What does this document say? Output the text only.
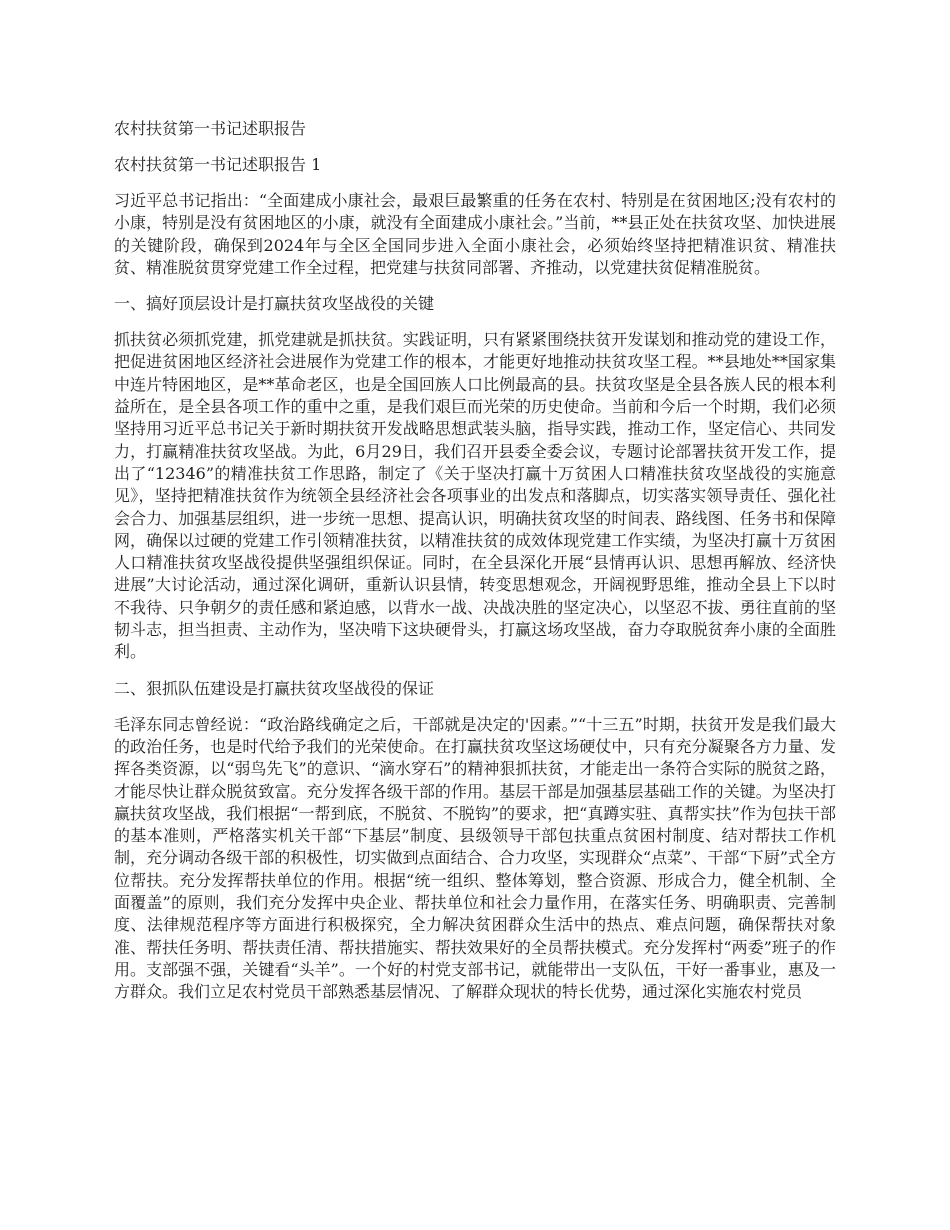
农村扶贫第一书记述职报告
农村扶贫第一书记述职报告 1

习近平总书记指出：“全面建成小康社会，最艰巨最繁重的任务在农村、特别是在贫困地区;没有农村的小康，特别是没有贫困地区的小康，就没有全面建成小康社会。”当前，**县正处在扶贫攻坚、加快进展的关键阶段，确保到2024年与全区全国同步进入全面小康社会，必须始终坚持把精准识贫、精准扶贫、精准脱贫贯穿党建工作全过程，把党建与扶贫同部署、齐推动，以党建扶贫促精准脱贫。

一、搞好顶层设计是打赢扶贫攻坚战役的关键

抓扶贫必须抓党建，抓党建就是抓扶贫。实践证明，只有紧紧围绕扶贫开发谋划和推动党的建设工作，把促进贫困地区经济社会进展作为党建工作的根本，才能更好地推动扶贫攻坚工程。**县地处**国家集中连片特困地区，是**革命老区，也是全国回族人口比例最高的县。扶贫攻坚是全县各族人民的根本利益所在，是全县各项工作的重中之重，是我们艰巨而光荣的历史使命。当前和今后一个时期，我们必须坚持用习近平总书记关于新时期扶贫开发战略思想武装头脑，指导实践，推动工作，坚定信心、共同发力，打赢精准扶贫攻坚战。为此，6月29日，我们召开县委全委会议，专题讨论部署扶贫开发工作，提出了“12346”的精准扶贫工作思路，制定了《关于坚决打赢十万贫困人口精准扶贫攻坚战役的实施意见》，坚持把精准扶贫作为统领全县经济社会各项事业的出发点和落脚点，切实落实领导责任、强化社会合力、加强基层组织，进一步统一思想、提高认识，明确扶贫攻坚的时间表、路线图、任务书和保障网，确保以过硬的党建工作引领精准扶贫，以精准扶贫的成效体现党建工作实绩，为坚决打赢十万贫困人口精准扶贫攻坚战役提供坚强组织保证。同时，在全县深化开展“县情再认识、思想再解放、经济快进展”大讨论活动，通过深化调研，重新认识县情，转变思想观念，开阔视野思维，推动全县上下以时不我待、只争朝夕的责任感和紧迫感，以背水一战、决战决胜的坚定决心，以坚忍不拔、勇往直前的坚韧斗志，担当担责、主动作为，坚决啃下这块硬骨头，打赢这场攻坚战，奋力夺取脱贫奔小康的全面胜利。

二、狠抓队伍建设是打赢扶贫攻坚战役的保证

毛泽东同志曾经说：“政治路线确定之后，干部就是决定的'因素。”“十三五”时期，扶贫开发是我们最大的政治任务，也是时代给予我们的光荣使命。在打赢扶贫攻坚这场硬仗中，只有充分凝聚各方力量、发挥各类资源，以“弱鸟先飞”的意识、“滴水穿石”的精神狠抓扶贫，才能走出一条符合实际的脱贫之路，才能尽快让群众脱贫致富。充分发挥各级干部的作用。基层干部是加强基层基础工作的关键。为坚决打赢扶贫攻坚战，我们根据“一帮到底，不脱贫、不脱钩”的要求，把“真蹲实驻、真帮实扶”作为包扶干部的基本准则，严格落实机关干部“下基层”制度、县级领导干部包扶重点贫困村制度、结对帮扶工作机制，充分调动各级干部的积极性，切实做到点面结合、合力攻坚，实现群众“点菜”、干部“下厨”式全方位帮扶。充分发挥帮扶单位的作用。根据“统一组织、整体筹划，整合资源、形成合力，健全机制、全面覆盖”的原则，我们充分发挥中央企业、帮扶单位和社会力量作用，在落实任务、明确职责、完善制度、法律规范程序等方面进行积极探究，全力解决贫困群众生活中的热点、难点问题，确保帮扶对象准、帮扶任务明、帮扶责任清、帮扶措施实、帮扶效果好的全员帮扶模式。充分发挥村“两委”班子的作用。支部强不强，关键看“头羊”。一个好的村党支部书记，就能带出一支队伍，干好一番事业，惠及一方群众。我们立足农村党员干部熟悉基层情况、了解群众现状的特长优势，通过深化实施农村党员
